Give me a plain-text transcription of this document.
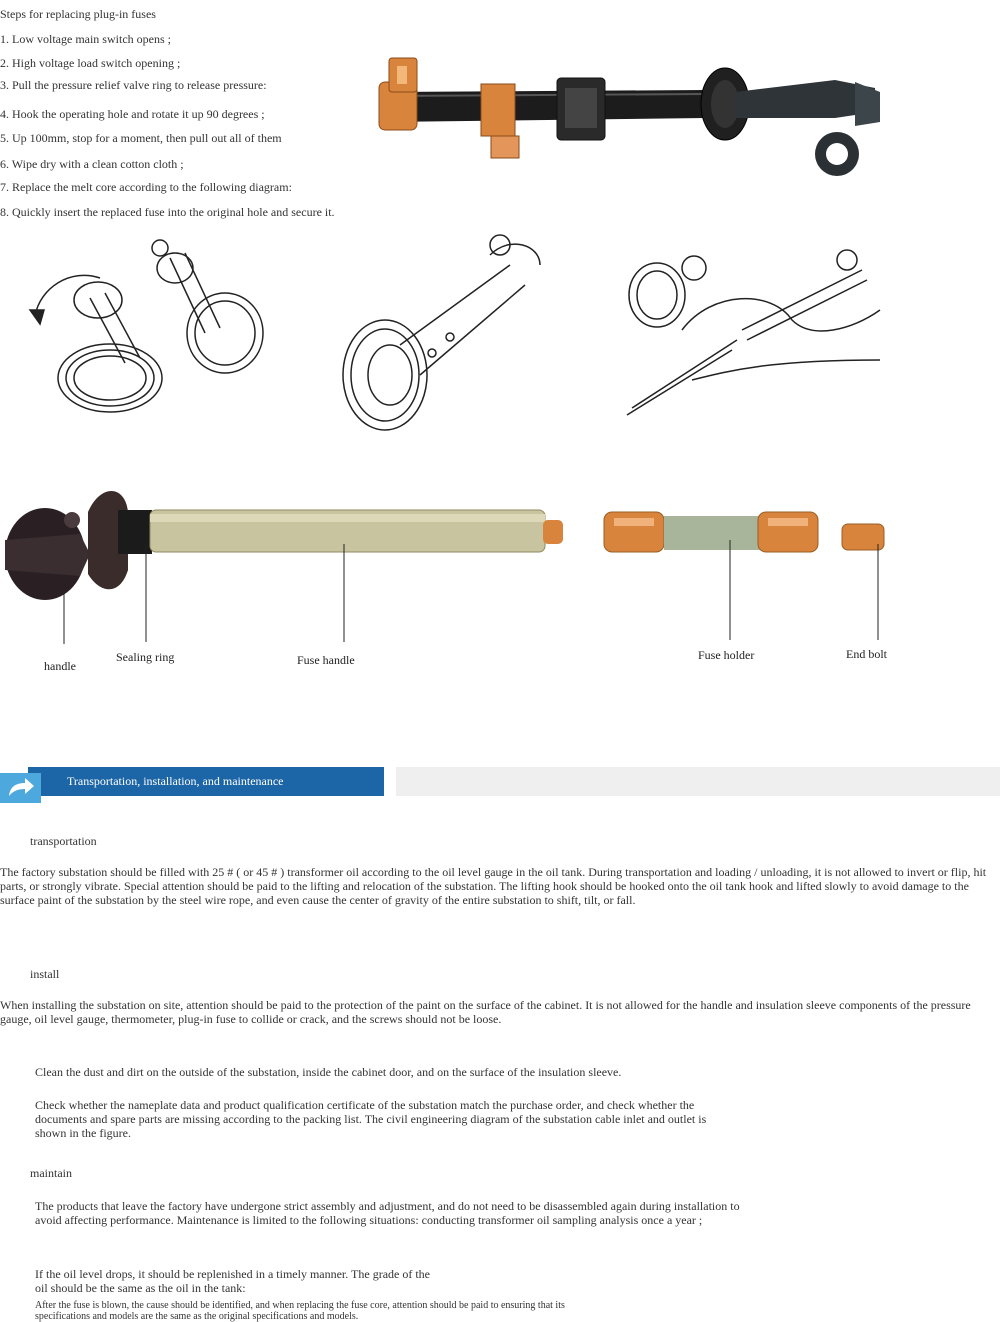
Steps for replacing plug-in fuses
1. Low voltage main switch opens ;
2. High voltage load switch opening ;
3. Pull the pressure relief valve ring to release pressure:
4. Hook the operating hole and rotate it up 90 degrees ;
5. Up 100mm, stop for a moment, then pull out all of them
6. Wipe dry with a clean cotton cloth ;
7. Replace the melt core according to the following diagram:
8. Quickly insert the replaced fuse into the original hole and secure it.
handle
Sealing ring	Fuse handle	Fuse holder	End bolt
Transportation, installation, and maintenance
transportation
The factory substation should be filled with 25 # ( or 45 # ) transformer oil according to the oil level gauge in the oil tank. During transportation and loading / unloading, it is not allowed to invert or flip, hit parts, or strongly vibrate. Special attention should be paid to the lifting and relocation of the substation. The lifting hook should be hooked onto the oil tank hook and lifted slowly to avoid damage to the surface paint of the substation by the steel wire rope, and even cause the center of gravity of the entire substation to shift, tilt, or fall.
install
When installing the substation on site, attention should be paid to the protection of the paint on the surface of the cabinet. It is not allowed for the handle and insulation sleeve components of the pressure gauge, oil level gauge, thermometer, plug-in fuse to collide or crack, and the screws should not be loose.
Clean the dust and dirt on the outside of the substation, inside the cabinet door, and on the surface of the insulation sleeve.
Check whether the nameplate data and product qualification certificate of the substation match the purchase order, and check whether the documents and spare parts are missing according to the packing list. The civil engineering diagram of the substation cable inlet and outlet is shown in the figure.
maintain
The products that leave the factory have undergone strict assembly and adjustment, and do not need to be disassembled again during installation to avoid affecting performance. Maintenance is limited to the following situations: conducting transformer oil sampling analysis once a year ;
If the oil level drops, it should be replenished in a timely manner. The grade of the oil should be the same as the oil in the tank:
After the fuse is blown, the cause should be identified, and when replacing the fuse core, attention should be paid to ensuring that its specifications and models are the same as the original specifications and models.
